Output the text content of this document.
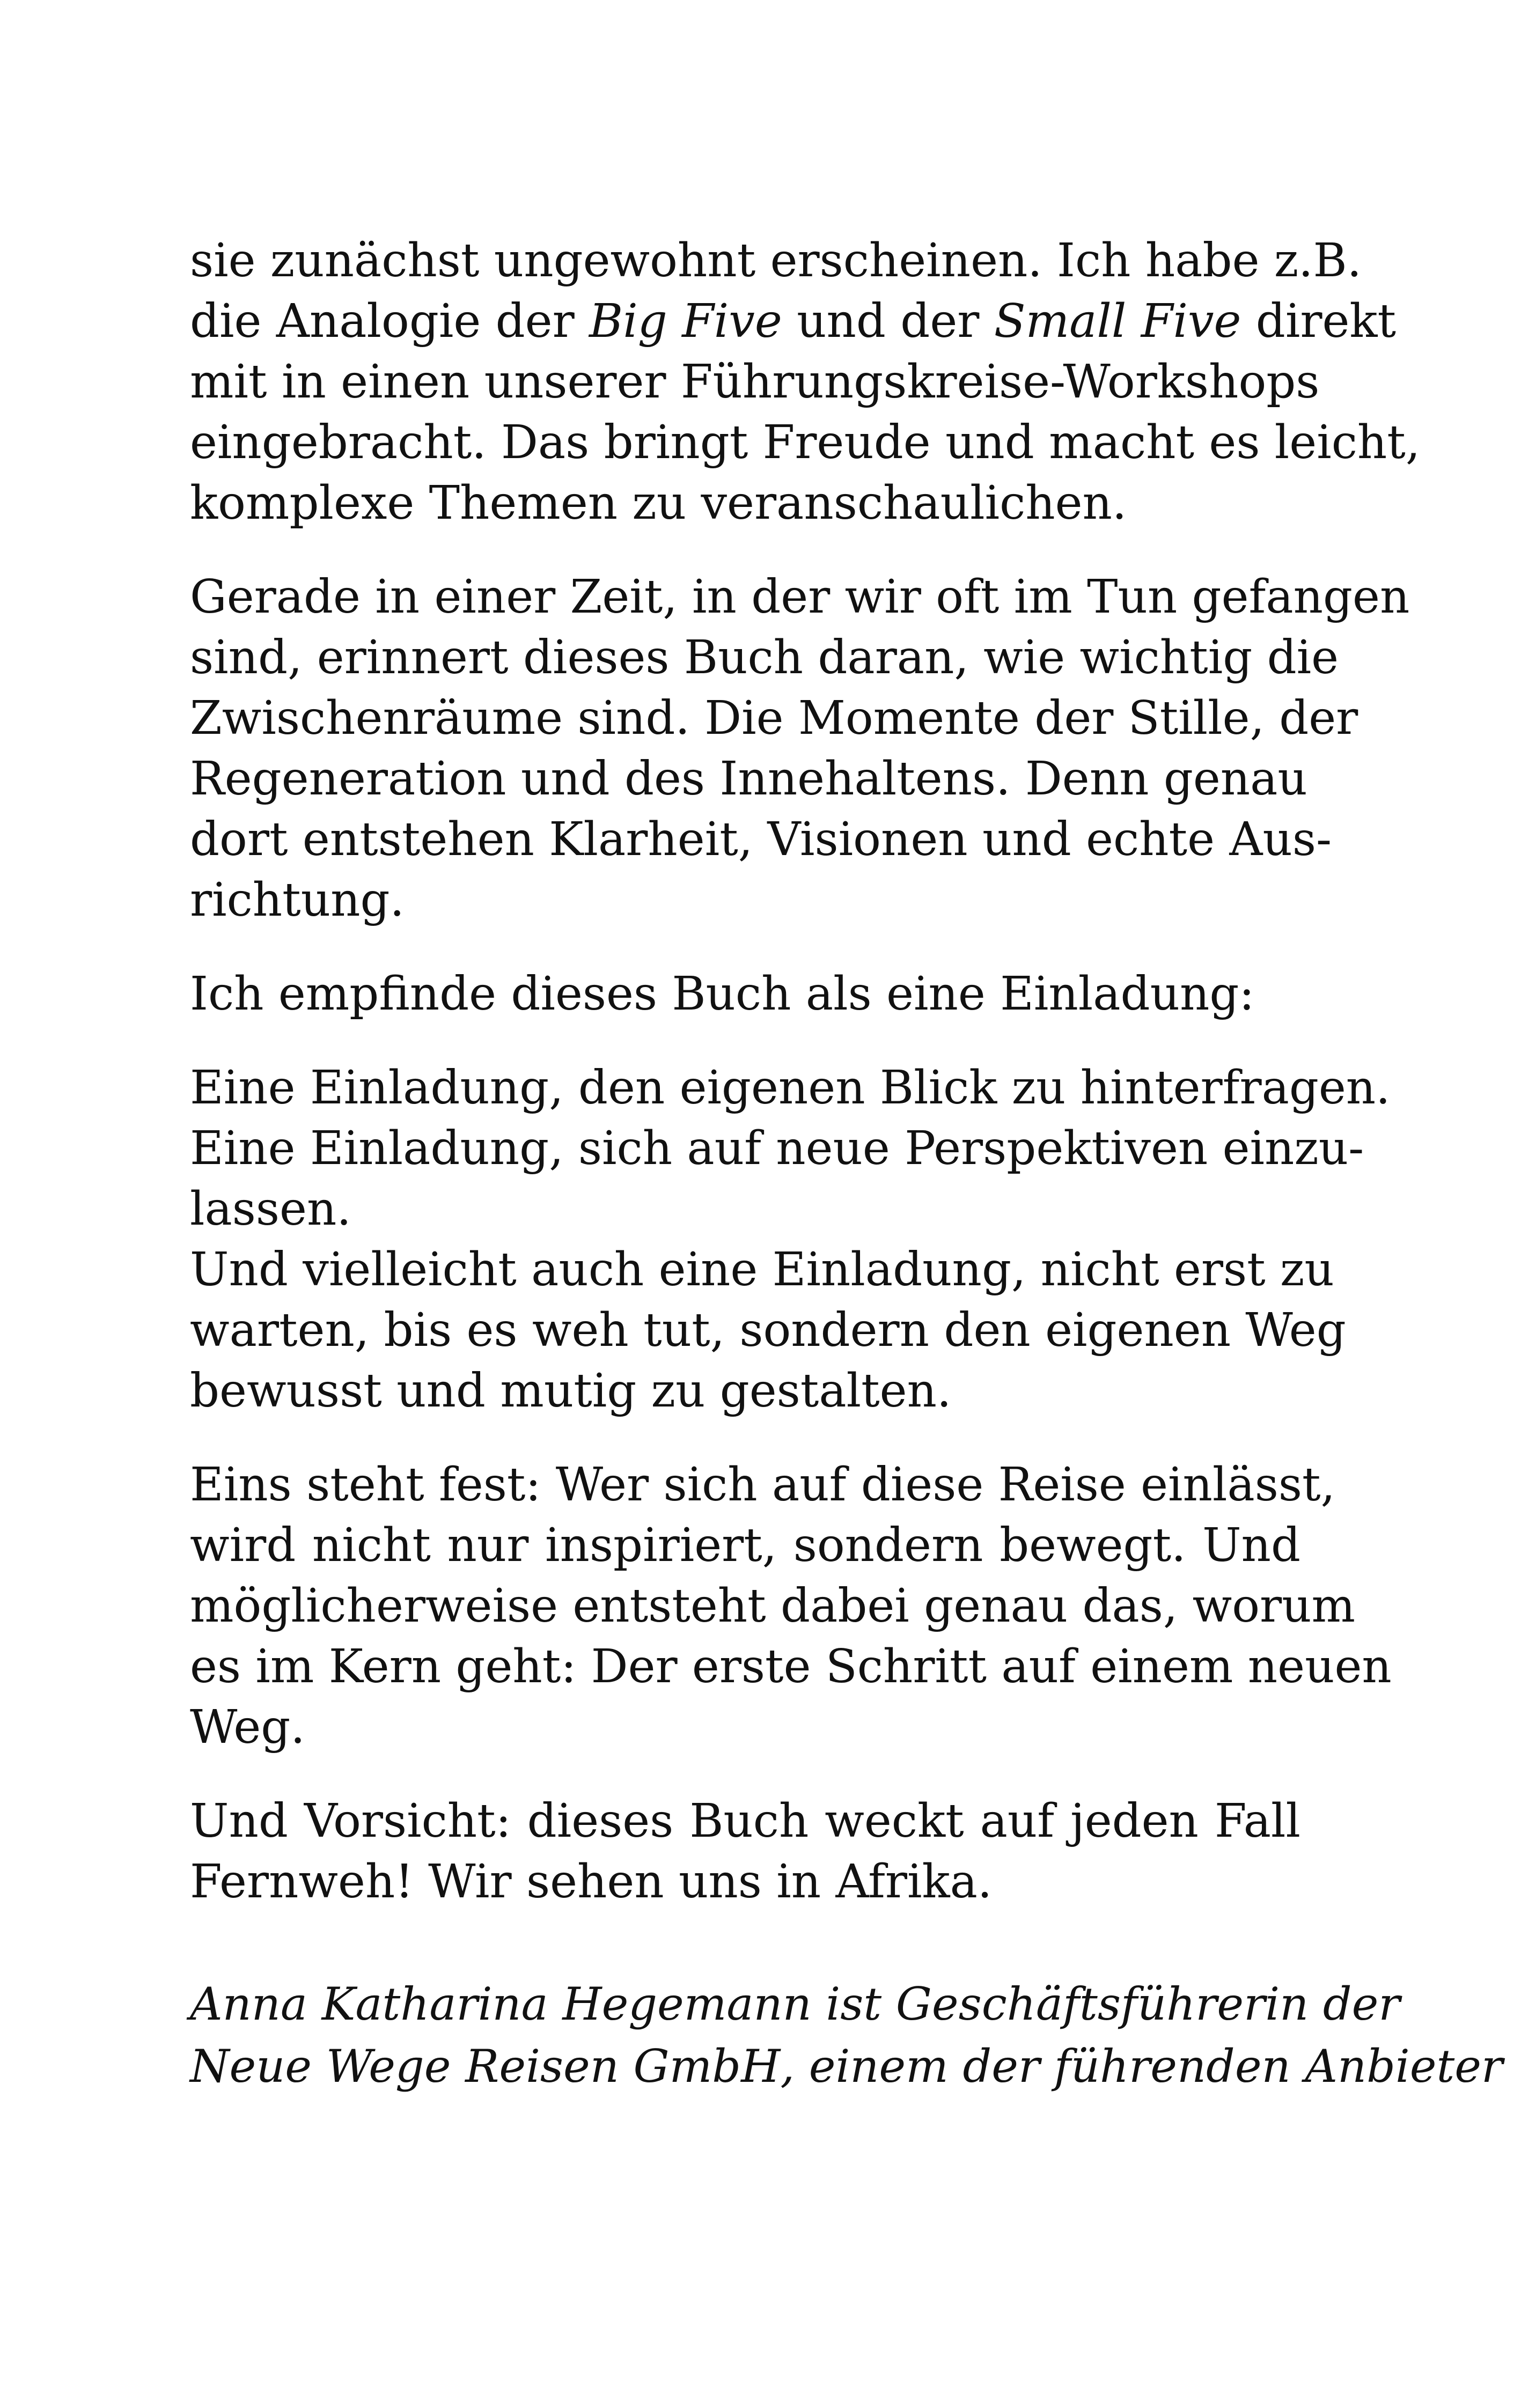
sie zunächst ungewohnt erscheinen. Ich habe z.B.
die Analogie der Big Five und der Small Five direkt
mit in einen unserer Führungskreise-Workshops
eingebracht. Das bringt Freude und macht es leicht,
komplexe Themen zu veranschaulichen.
Gerade in einer Zeit, in der wir oft im Tun gefangen
sind, erinnert dieses Buch daran, wie wichtig die
Zwischenräume sind. Die Momente der Stille, der
Regeneration und des Innehaltens. Denn genau
dort entstehen Klarheit, Visionen und echte Aus-
richtung.
Ich empfinde dieses Buch als eine Einladung:
Eine Einladung, den eigenen Blick zu hinterfragen.
Eine Einladung, sich auf neue Perspektiven einzu-
lassen.
Und vielleicht auch eine Einladung, nicht erst zu
warten, bis es weh tut, sondern den eigenen Weg
bewusst und mutig zu gestalten.
Eins steht fest: Wer sich auf diese Reise einlässt,
wird nicht nur inspiriert, sondern bewegt. Und
möglicherweise entsteht dabei genau das, worum
es im Kern geht: Der erste Schritt auf einem neuen
Weg.
Und Vorsicht: dieses Buch weckt auf jeden Fall
Fernweh! Wir sehen uns in Afrika.
Anna Katharina Hegemann ist Geschäftsführerin der
Neue Wege Reisen GmbH, einem der führenden Anbieter
